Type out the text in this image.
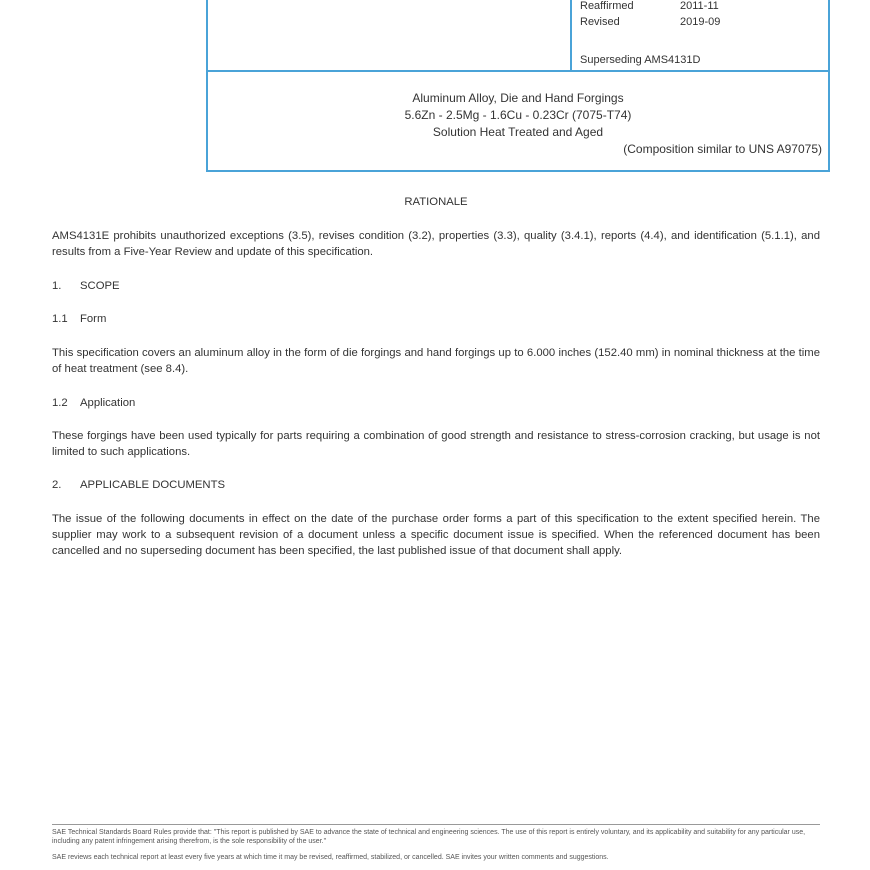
Reaffirmed	2011-11
Revised	2019-09
Superseding AMS4131D
Aluminum Alloy, Die and Hand Forgings
5.6Zn - 2.5Mg - 1.6Cu - 0.23Cr (7075-T74)
Solution Heat Treated and Aged
(Composition similar to UNS A97075)
RATIONALE
AMS4131E prohibits unauthorized exceptions (3.5), revises condition (3.2), properties (3.3), quality (3.4.1), reports (4.4), and identification (5.1.1), and results from a Five-Year Review and update of this specification.
1. SCOPE
1.1 Form
This specification covers an aluminum alloy in the form of die forgings and hand forgings up to 6.000 inches (152.40 mm) in nominal thickness at the time of heat treatment (see 8.4).
1.2 Application
These forgings have been used typically for parts requiring a combination of good strength and resistance to stress-corrosion cracking, but usage is not limited to such applications.
2. APPLICABLE DOCUMENTS
The issue of the following documents in effect on the date of the purchase order forms a part of this specification to the extent specified herein. The supplier may work to a subsequent revision of a document unless a specific document issue is specified. When the referenced document has been cancelled and no superseding document has been specified, the last published issue of that document shall apply.
SAE Technical Standards Board Rules provide that: "This report is published by SAE to advance the state of technical and engineering sciences. The use of this report is entirely voluntary, and its applicability and suitability for any particular use, including any patent infringement arising therefrom, is the sole responsibility of the user."
SAE reviews each technical report at least every five years at which time it may be revised, reaffirmed, stabilized, or cancelled. SAE invites your written comments and suggestions.
